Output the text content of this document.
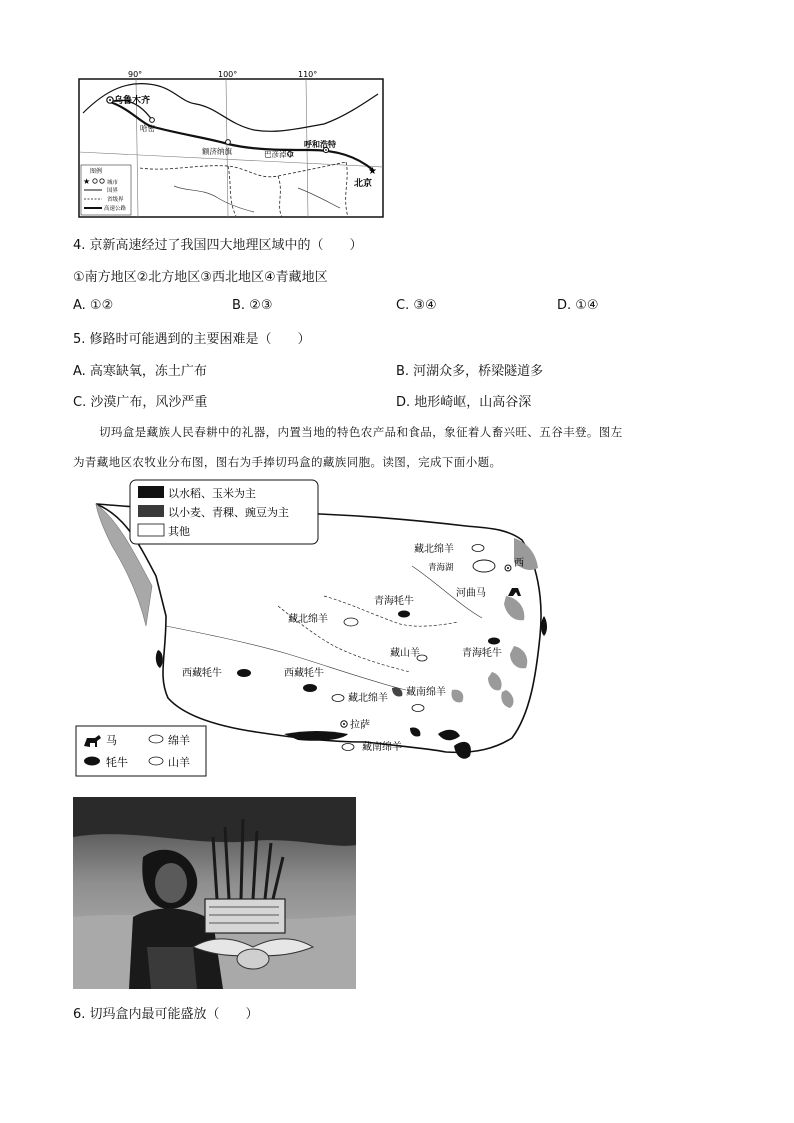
90°	100°	110°
乌鲁木齐
哈密
额济纳旗	巴彦淖尔
呼和浩特
★
北京
图例
★	城市
国界
省级界
高速公路
4. 京新高速经过了我国四大地理区域中的（　　）
①南方地区②北方地区③西北地区④青藏地区
A. ①②	B. ②③	C. ③④	D. ①④
5. 修路时可能遇到的主要困难是（　　）
A. 高寒缺氧，冻土广布	B. 河湖众多，桥梁隧道多
C. 沙漠广布，风沙严重	D. 地形崎岖，山高谷深
切玛盒是藏族人民春耕中的礼器，内置当地的特色农产品和食品，象征着人畜兴旺、五谷丰登。图左
为青藏地区农牧业分布图，图右为手捧切玛盒的藏族同胞。读图，完成下面小题。
以水稻、玉米为主
以小麦、青稞、豌豆为主
其他
藏北绵羊
西
青海湖
河曲马
青海牦牛
藏北绵羊
藏山羊	青海牦牛
西藏牦牛	西藏牦牛
藏北绵羊
藏南绵羊
拉萨
藏南绵羊
马	绵羊
牦牛	山羊
6. 切玛盒内最可能盛放（　　）
